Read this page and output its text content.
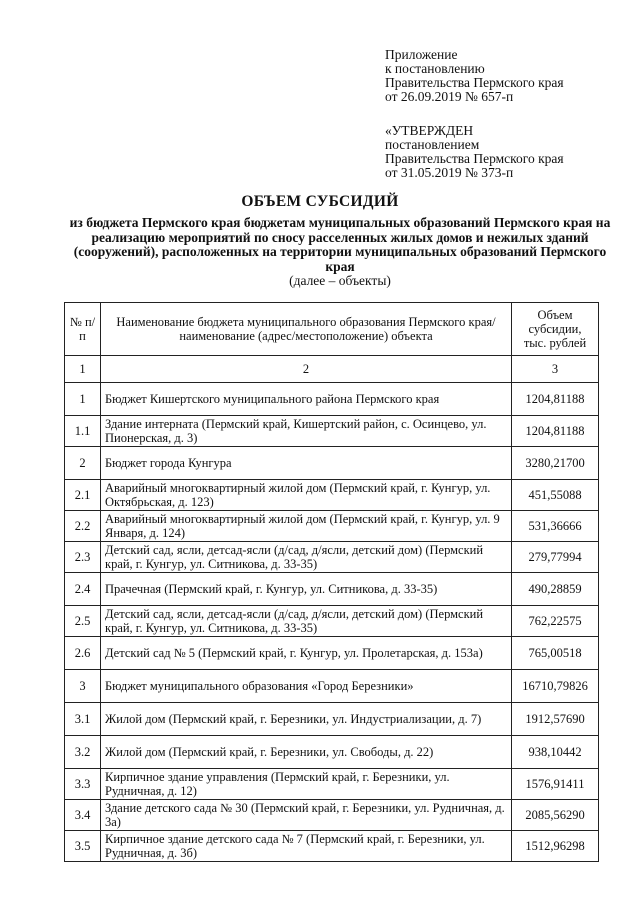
Приложение
к постановлению
Правительства Пермского края
от 26.09.2019 № 657-п
«УТВЕРЖДЕН
постановлением
Правительства Пермского края
от 31.05.2019 № 373-п
ОБЪЕМ СУБСИДИЙ
из бюджета Пермского края бюджетам муниципальных образований Пермского края на реализацию мероприятий по сносу расселенных жилых домов и нежилых зданий (сооружений), расположенных на территории муниципальных образований Пермского края
(далее – объекты)
№ п/п	Наименование бюджета муниципального образования Пермского края/ наименование (адрес/местоположение) объекта	Объем субсидии, тыс. рублей
1	2	3
1	Бюджет Кишертского муниципального района Пермского края	1204,81188
1.1	Здание интерната (Пермский край, Кишертский район, с. Осинцево, ул. Пионерская, д. 3)	1204,81188
2	Бюджет города Кунгура	3280,21700
2.1	Аварийный многоквартирный жилой дом (Пермский край, г. Кунгур, ул. Октябрьская, д. 123)	451,55088
2.2	Аварийный многоквартирный жилой дом (Пермский край, г. Кунгур, ул. 9 Января, д. 124)	531,36666
2.3	Детский сад, ясли, детсад-ясли (д/сад, д/ясли, детский дом) (Пермский край, г. Кунгур, ул. Ситникова, д. 33-35)	279,77994
2.4	Прачечная (Пермский край, г. Кунгур, ул. Ситникова, д. 33-35)	490,28859
2.5	Детский сад, ясли, детсад-ясли (д/сад, д/ясли, детский дом) (Пермский край, г. Кунгур, ул. Ситникова, д. 33-35)	762,22575
2.6	Детский сад № 5 (Пермский край, г. Кунгур, ул. Пролетарская, д. 153а)	765,00518
3	Бюджет муниципального образования «Город Березники»	16710,79826
3.1	Жилой дом (Пермский край, г. Березники, ул. Индустриализации, д. 7)	1912,57690
3.2	Жилой дом (Пермский край, г. Березники, ул. Свободы, д. 22)	938,10442
3.3	Кирпичное здание управления (Пермский край, г. Березники, ул. Рудничная, д. 12)	1576,91411
3.4	Здание детского сада № 30 (Пермский край, г. Березники, ул. Рудничная, д. 3а)	2085,56290
3.5	Кирпичное здание детского сада № 7 (Пермский край, г. Березники, ул. Рудничная, д. 3б)	1512,96298
